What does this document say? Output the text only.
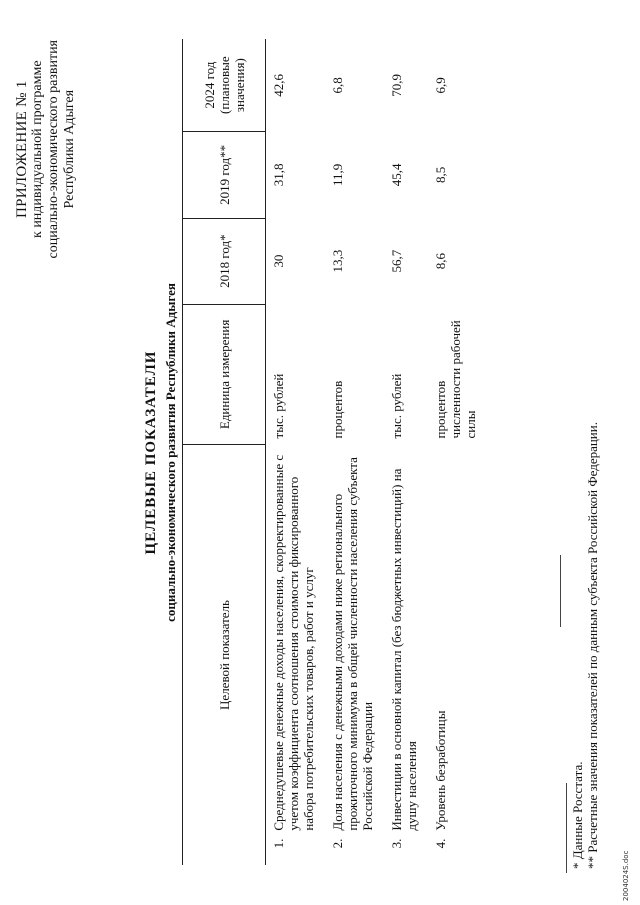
ПРИЛОЖЕНИЕ № 1 к индивидуальной программе социально-экономического развития Республики Адыгея
ЦЕЛЕВЫЕ ПОКАЗАТЕЛИ социально-экономического развития Республики Адыгея
Целевой показатель		Единица измерения	2018 год*	2019 год**	2024 год (плановые значения)
1.	Среднедушевые денежные доходы населения, скорректированные с учетом коэффициента соотношения стоимости фиксированного набора потребительских товаров, работ и услуг	тыс. рублей	30	31,8	42,6
2.	Доля населения с денежными доходами ниже регионального прожиточного минимума в общей численности населения субъекта Российской Федерации	процентов	13,3	11,9	6,8
3.	Инвестиции в основной капитал (без бюджетных инвестиций) на душу населения	тыс. рублей	56,7	45,4	70,9
4.	Уровень безработицы	процентов численности рабочей силы	8,6	8,5	6,9
* Данные Росстата. ** Расчетные значения показателей по данным субъекта Российской Федерации.
2004024S.doc
